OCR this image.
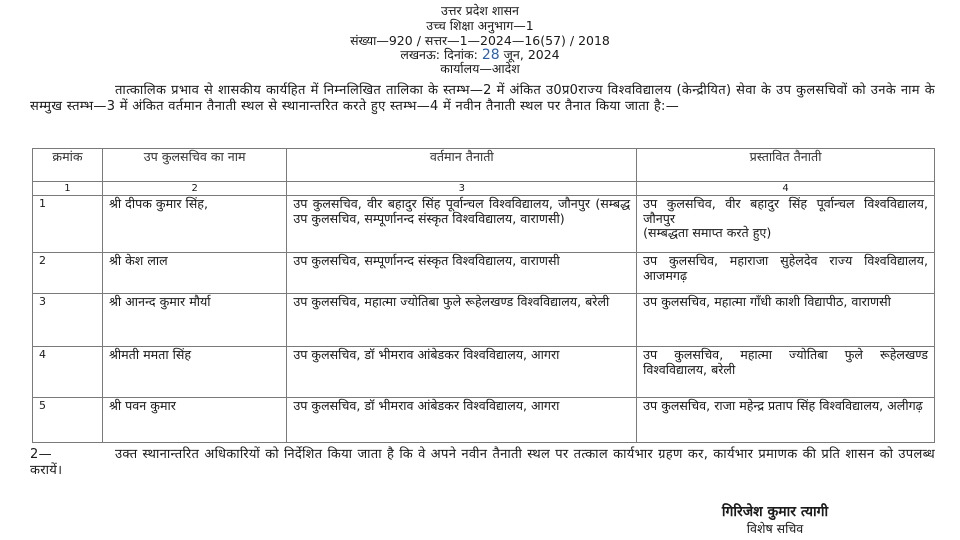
उत्तर प्रदेश शासन
उच्च शिक्षा अनुभाग—1
संख्या—920 / सत्तर—1—2024—16(57) / 2018
लखनऊ: दिनांक: 28 जून, 2024
कार्यालय—आदेश
तात्कालिक प्रभाव से शासकीय कार्यहित में निम्नलिखित तालिका के स्तम्भ—2 में अंकित उ0प्र0राज्य विश्वविद्यालय (केन्द्रीयित) सेवा के उप कुलसचिवों को उनके नाम के सम्मुख स्तम्भ—3 में अंकित वर्तमान तैनाती स्थल से स्थानान्तरित करते हुए स्तम्भ—4 में नवीन तैनाती स्थल पर तैनात किया जाता है:—
क्रमांक	उप कुलसचिव का नाम	वर्तमान तैनाती	प्रस्तावित तैनाती
1	2	3	4
1	श्री दीपक कुमार सिंह,	उप कुलसचिव, वीर बहादुर सिंह पूर्वान्चल विश्वविद्यालय, जौनपुर (सम्बद्ध उप कुलसचिव, सम्पूर्णानन्द संस्कृत विश्वविद्यालय, वाराणसी)	उप कुलसचिव, वीर बहादुर सिंह पूर्वान्चल विश्वविद्यालय, जौनपुर
(सम्बद्धता समाप्त करते हुए)
2	श्री केश लाल	उप कुलसचिव, सम्पूर्णानन्द संस्कृत विश्वविद्यालय, वाराणसी	उप कुलसचिव, महाराजा सुहेलदेव राज्य विश्वविद्यालय, आजमगढ़
3	श्री आनन्द कुमार मौर्या	उप कुलसचिव, महात्मा ज्योतिबा फुले रूहेलखण्ड विश्वविद्यालय, बरेली	उप कुलसचिव, महात्मा गाँधी काशी विद्यापीठ, वाराणसी
4	श्रीमती ममता सिंह	उप कुलसचिव, डॉ भीमराव आंबेडकर विश्वविद्यालय, आगरा	उप कुलसचिव, महात्मा ज्योतिबा फुले रूहेलखण्ड विश्वविद्यालय, बरेली
5	श्री पवन कुमार	उप कुलसचिव, डॉ भीमराव आंबेडकर विश्वविद्यालय, आगरा	उप कुलसचिव, राजा महेन्द्र प्रताप सिंह विश्वविद्यालय, अलीगढ़
2—	उक्त स्थानान्तरित अधिकारियों को निर्देशित किया जाता है कि वे अपने नवीन तैनाती स्थल पर तत्काल कार्यभार ग्रहण कर, कार्यभार प्रमाणक की प्रति शासन को उपलब्ध करायें।
गिरिजेश कुमार त्यागी
विशेष सचिव
